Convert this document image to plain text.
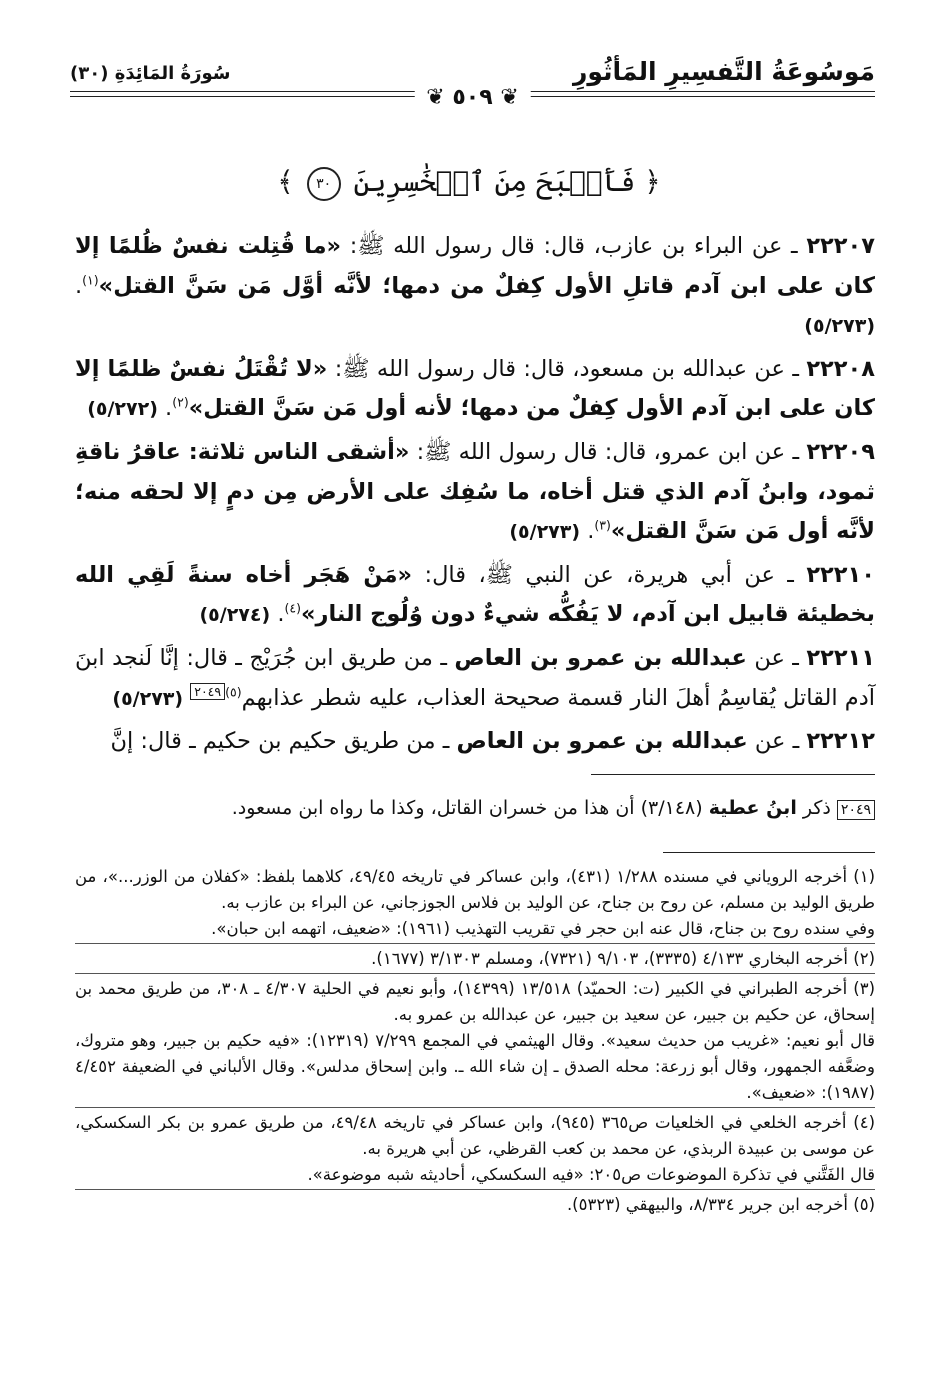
مَوسُوعَةُ التَّفسِيرِ المَأثُورِ
سُورَةُ المَائِدَةِ (٣٠)
❦ ٥٠٩ ❦
﴿ فَأَصۡبَحَ مِنَ ٱلۡخَٰسِرِينَ ٣٠ ﴾

٢٢٢٠٧ ـ عن البراء بن عازب، قال: قال رسول الله ﷺ: «ما قُتِلت نفسٌ ظُلمًا إلا كان على ابن آدم قاتلِ الأول كِفلٌ من دمها؛ لأنَّه أوَّل مَن سَنَّ القتل»$^{(١)}$. (٥/٢٧٣)

٢٢٢٠٨ ـ عن عبدالله بن مسعود، قال: قال رسول الله ﷺ: «لا تُقْتَلُ نفسٌ ظلمًا إلا كان على ابن آدم الأول كِفلٌ من دمها؛ لأنه أول مَن سَنَّ القتل»$^{(٢)}$. (٥/٢٧٢)

٢٢٢٠٩ ـ عن ابن عمرو، قال: قال رسول الله ﷺ: «أشقى الناس ثلاثة: عاقرُ ناقةِ ثمود، وابنُ آدم الذي قتل أخاه، ما سُفِك على الأرض مِن دمٍ إلا لحقه منه؛ لأنَّه أول مَن سَنَّ القتل»$^{(٣)}$. (٥/٢٧٣)

٢٢٢١٠ ـ عن أبي هريرة، عن النبي ﷺ، قال: «مَنْ هَجَر أخاه سنةً لَقِي الله بخطيئة قابيل ابن آدم، لا يَفُكُّه شيءٌ دون وُلُوج النار»$^{(٤)}$. (٥/٢٧٤)

٢٢٢١١ ـ عن عبدالله بن عمرو بن العاص ـ من طريق ابن جُرَيْج ـ قال: إنَّا لَنجد ابنَ آدم القاتل يُقاسِمُ أهلَ النار قسمة صحيحة العذاب، عليه شطر عذابهم$^{(٥)}$٢٠٤٩ (٥/٢٧٣)

٢٢٢١٢ ـ عن عبدالله بن عمرو بن العاص ـ من طريق حكيم بن حكيم ـ قال: إنَّ

٢٠٤٩ ذكر ابنُ عطية (٣/١٤٨) أن هذا من خسران القاتل، وكذا ما رواه ابن مسعود.

(١) أخرجه الروياني في مسنده ١/٢٨٨ (٤٣١)، وابن عساكر في تاريخه ٤٩/٤٥، كلاهما بلفظ: «كفلان من الوزر...»، من طريق الوليد بن مسلم، عن روح بن جناح، عن الوليد بن فلاس الجوزجاني، عن البراء بن عازب به.

وفي سنده روح بن جناح، قال عنه ابن حجر في تقريب التهذيب (١٩٦١): «ضعيف، اتهمه ابن حبان».

(٢) أخرجه البخاري ٤/١٣٣ (٣٣٣٥)، ٩/١٠٣ (٧٣٢١)، ومسلم ٣/١٣٠٣ (١٦٧٧).

(٣) أخرجه الطبراني في الكبير (ت: الحميّد) ١٣/٥١٨ (١٤٣٩٩)، وأبو نعيم في الحلية ٤/٣٠٧ ـ ٣٠٨، من طريق محمد بن إسحاق، عن حكيم بن جبير، عن سعيد بن جبير، عن عبدالله بن عمرو به.

قال أبو نعيم: «غريب من حديث سعيد». وقال الهيثمي في المجمع ٧/٢٩٩ (١٢٣١٩): «فيه حكيم بن جبير، وهو متروك، وضعَّفه الجمهور، وقال أبو زرعة: محله الصدق ـ إن شاء الله ـ. وابن إسحاق مدلس». وقال الألباني في الضعيفة ٤/٤٥٢ (١٩٨٧): «ضعيف».

(٤) أخرجه الخلعي في الخلعيات ص٣٦٥ (٩٤٥)، وابن عساكر في تاريخه ٤٩/٤٨، من طريق عمرو بن بكر السكسكي، عن موسى بن عبيدة الربذي، عن محمد بن كعب القرظي، عن أبي هريرة به.

قال الفَتَّني في تذكرة الموضوعات ص٢٠٥: «فيه السكسكي، أحاديثه شبه موضوعة».

(٥) أخرجه ابن جرير ٨/٣٣٤، والبيهقي (٥٣٢٣).
